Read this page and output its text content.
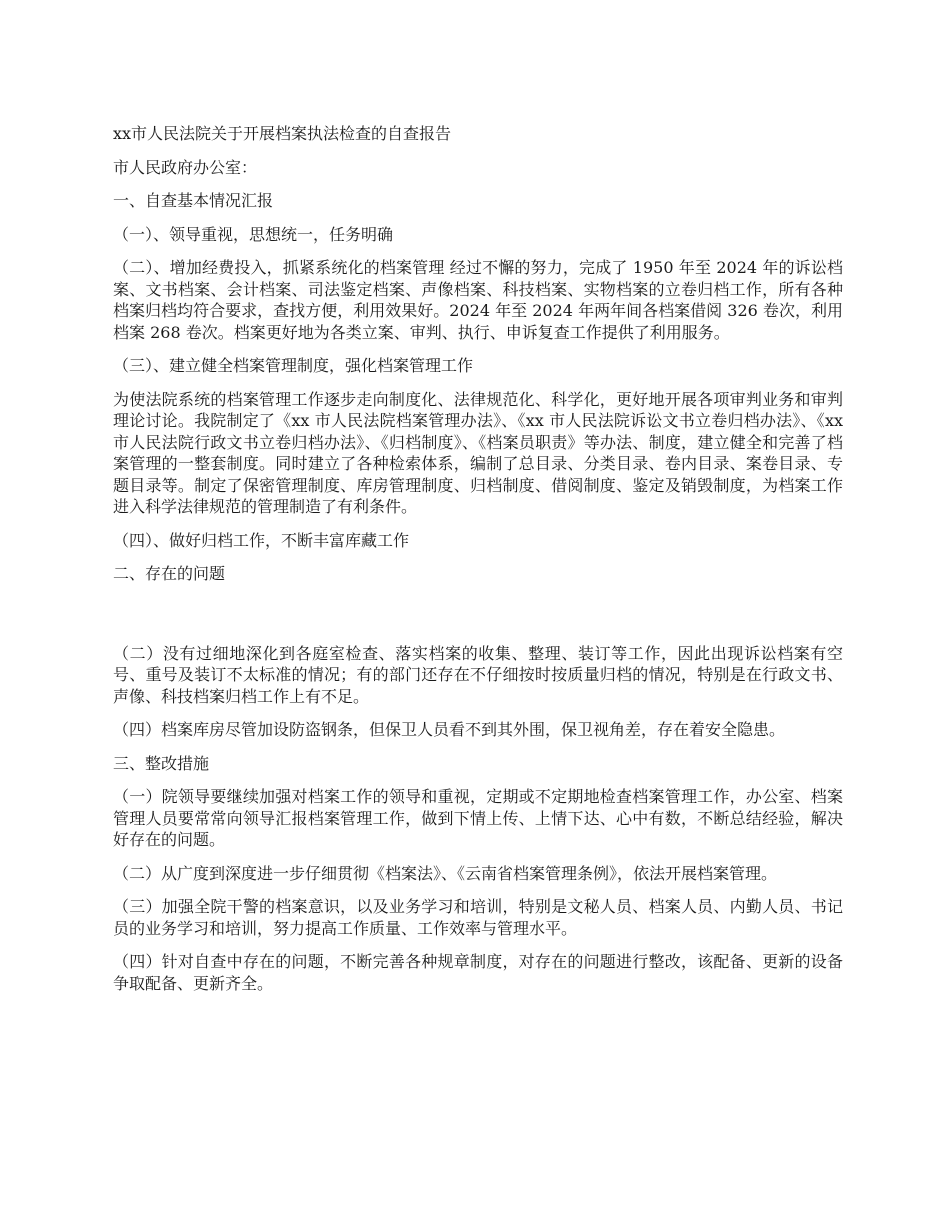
xx市人民法院关于开展档案执法检查的自查报告

市人民政府办公室：

一、自查基本情况汇报

（一）、领导重视，思想统一，任务明确

（二）、增加经费投入，抓紧系统化的档案管理 经过不懈的努力，完成了 1950 年至 2024 年的诉讼档案、文书档案、会计档案、司法鉴定档案、声像档案、科技档案、实物档案的立卷归档工作，所有各种档案归档均符合要求，查找方便，利用效果好。2024 年至 2024 年两年间各档案借阅 326 卷次，利用档案 268 卷次。档案更好地为各类立案、审判、执行、申诉复查工作提供了利用服务。

（三）、建立健全档案管理制度，强化档案管理工作

为使法院系统的档案管理工作逐步走向制度化、法律规范化、科学化，更好地开展各项审判业务和审判理论讨论。我院制定了《xx 市人民法院档案管理办法》、《xx 市人民法院诉讼文书立卷归档办法》、《xx 市人民法院行政文书立卷归档办法》、《归档制度》、《档案员职责》等办法、制度，建立健全和完善了档案管理的一整套制度。同时建立了各种检索体系，编制了总目录、分类目录、卷内目录、案卷目录、专题目录等。制定了保密管理制度、库房管理制度、归档制度、借阅制度、鉴定及销毁制度，为档案工作进入科学法律规范的管理制造了有利条件。

（四）、做好归档工作，不断丰富库藏工作

二、存在的问题

（二）没有过细地深化到各庭室检查、落实档案的收集、整理、装订等工作，因此出现诉讼档案有空号、重号及装订不太标准的情况；有的部门还存在不仔细按时按质量归档的情况，特别是在行政文书、声像、科技档案归档工作上有不足。

（四）档案库房尽管加设防盗钢条，但保卫人员看不到其外围，保卫视角差，存在着安全隐患。

三、整改措施

（一）院领导要继续加强对档案工作的领导和重视，定期或不定期地检查档案管理工作，办公室、档案管理人员要常常向领导汇报档案管理工作，做到下情上传、上情下达、心中有数，不断总结经验，解决好存在的问题。

（二）从广度到深度进一步仔细贯彻《档案法》、《云南省档案管理条例》，依法开展档案管理。

（三）加强全院干警的档案意识，以及业务学习和培训，特别是文秘人员、档案人员、内勤人员、书记员的业务学习和培训，努力提高工作质量、工作效率与管理水平。

（四）针对自查中存在的问题，不断完善各种规章制度，对存在的问题进行整改，该配备、更新的设备争取配备、更新齐全。
